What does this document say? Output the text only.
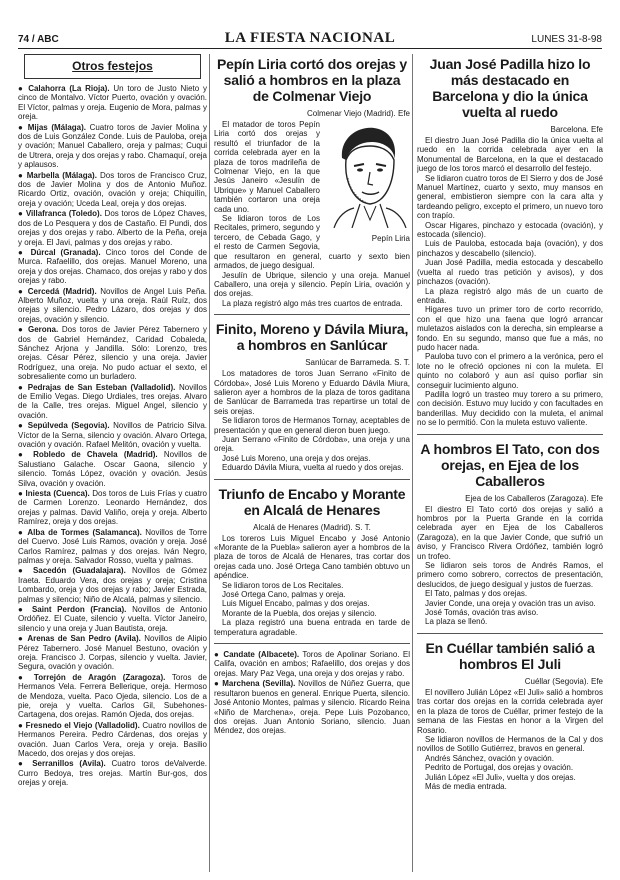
74 / ABC	LA FIESTA NACIONAL	LUNES 31-8-98
Otros festejos

● Calahorra (La Rioja). Un toro de Justo Nieto y cinco de Montalvo. Víctor Puerto, ovación y ovación. El Víctor, palmas y oreja. Eugenio de Mora, palmas y oreja.

● Mijas (Málaga). Cuatro toros de Javier Molina y dos de Luis González Conde. Luis de Pauloba, oreja y ovación; Manuel Caballero, oreja y palmas; Cuqui de Utrera, oreja y dos orejas y rabo. Chamaquí, oreja y aplausos.

● Marbella (Málaga). Dos toros de Francisco Cruz, dos de Javier Molina y dos de Antonio Muñoz. Ricardo Ortiz, ovación, ovación y oreja; Chiquilín, oreja y ovación; Uceda Leal, oreja y dos orejas.

● Villafranca (Toledo). Dos toros de López Chaves, dos de Lo Pesquera y dos de Castaño. El Pundi, dos orejas y dos orejas y rabo. Alberto de la Peña, oreja y oreja. El Javi, palmas y dos orejas y rabo.

● Dúrcal (Granada). Cinco toros del Conde de Murca. Rafaelillo, dos orejas. Manuel Moreno, una oreja y dos orejas. Chamaco, dos orejas y rabo y dos orejas y rabo.

● Cercedá (Madrid). Novillos de Angel Luis Peña. Alberto Muñoz, vuelta y una oreja. Raúl Ruíz, dos orejas y silencio. Pedro Lázaro, dos orejas y dos orejas, ovación y silencio.

● Gerona. Dos toros de Javier Pérez Tabernero y dos de Gabriel Hernández, Caridad Cobaleda, Sánchez Arjona y Jandilla. Sólo: Lorenzo, tres orejas. César Pérez, silencio y una oreja. Javier Rodríguez, una oreja. No pudo actuar el sexto, el sobresaliente como un burladero.

● Pedrajas de San Esteban (Valladolid). Novillos de Emilio Vegas. Diego Urdiales, tres orejas. Alvaro de la Calle, tres orejas. Miguel Angel, silencio y ovación.

● Sepúlveda (Segovia). Novillos de Patricio Silva. Víctor de la Serna, silencio y ovación. Alvaro Ortega, ovación y ovación. Rafael Melitón, ovación y vuelta.

● Robledo de Chavela (Madrid). Novillos de Salustiano Galache. Oscar Gaona, silencio y silencio. Tomás López, ovación y ovación. Jesús Silva, ovación y ovación.

● Iniesta (Cuenca). Dos toros de Luis Frías y cuatro de Carmen Lorenzo. Leonardo Hernández, dos orejas y palmas. David Valiño, oreja y oreja. Alberto Ramírez, oreja y dos orejas.

● Alba de Tormes (Salamanca). Novillos de Torre del Cuervo. José Luis Ramos, ovación y oreja. José Carlos Ramírez, palmas y dos orejas. Iván Negro, palmas y oreja. Salvador Rosso, vuelta y palmas.

● Sacedón (Guadalajara). Novillos de Gómez Iraeta. Eduardo Vera, dos orejas y oreja; Cristina Lombardo, oreja y dos orejas y rabo; Javier Estrada, palmas y silencio; Niño de Alcalá, palmas y silencio.

● Saint Perdon (Francia). Novillos de Antonio Ordóñez. El Cuate, silencio y vuelta. Víctor Janeiro, silencio y una oreja y Juan Bautista, oreja.

● Arenas de San Pedro (Avila). Novillos de Alipio Pérez Tabernero. José Manuel Bestuno, ovación y oreja. Francisco J. Corpas, silencio y vuelta. Javier, Segura, ovación y ovación.

● Torrejón de Aragón (Zaragoza). Toros de Hermanos Vela. Ferrera Bellerique, oreja. Hermoso de Mendoza, vuelta. Paco Ojeda, silencio. Los de a pie, oreja y vuelta. Carlos Gil, Subehones-Cartagena, dos orejas. Ramón Ojeda, dos orejas.

● Fresnedo el Viejo (Valladolid). Cuatro novillos de Hermanos Pereira. Pedro Cárdenas, dos orejas y ovación. Juan Carlos Vera, oreja y oreja. Basilio Macedo, dos orejas y dos orejas.

● Serranillos (Avila). Cuatro toros deValverde. Curro Bedoya, tres orejas. Martín Bur-gos, dos orejas y oreja.

Pepín Liria cortó dos orejas y salió a hombros en la plaza de Colmenar Viejo
Colmenar Viejo (Madrid). Efe
Pepín Liria

El matador de toros Pepín Liria cortó dos orejas y resultó el triunfador de la corrida celebrada ayer en la plaza de toros madrileña de Colmenar Viejo, en la que Jesús Janeiro «Jesulín de Ubrique» y Manuel Caballero también cortaron una oreja cada uno.

Se lidiaron toros de Los Recitales, primero, segundo y tercero, de Cebada Gago, y el resto de Carmen Segovia, que resultaron en general, cuarto y sexto bien armados, de juego desigual.

Jesulín de Ubrique, silencio y una oreja. Manuel Caballero, una oreja y silencio. Pepín Liria, ovación y dos orejas.

La plaza registró algo más tres cuartos de entrada.

Finito, Moreno y Dávila Miura, a hombros en Sanlúcar
Sanlúcar de Barrameda. S. T.

Los matadores de toros Juan Serrano «Finito de Córdoba», José Luis Moreno y Eduardo Dávila Miura, salieron ayer a hombros de la plaza de toros gaditana de Sanlúcar de Barrameda tras repartirse un total de seis orejas.

Se lidiaron toros de Hermanos Tornay, aceptables de presentación y que en general dieron buen juego.

Juan Serrano «Finito de Córdoba», una oreja y una oreja.

José Luis Moreno, una oreja y dos orejas.

Eduardo Dávila Miura, vuelta al ruedo y dos orejas.

Triunfo de Encabo y Morante en Alcalá de Henares
Alcalá de Henares (Madrid). S. T.

Los toreros Luis Miguel Encabo y José Antonio «Morante de la Puebla» salieron ayer a hombros de la plaza de toros de Alcalá de Henares, tras cortar dos orejas cada uno. José Ortega Cano también obtuvo un apéndice.

Se lidiaron toros de Los Recitales.

José Ortega Cano, palmas y oreja.

Luis Miguel Encabo, palmas y dos orejas.

Morante de la Puebla, dos orejas y silencio.

La plaza registró una buena entrada en tarde de temperatura agradable.

● Candate (Albacete). Toros de Apolinar Soriano. El Califa, ovación en ambos; Rafaelillo, dos orejas y dos orejas. Mary Paz Vega, una oreja y dos orejas y rabo.

● Marchena (Sevilla). Novillos de Núñez Guerra, que resultaron buenos en general. Enrique Puerta, silencio. José Antonio Montes, palmas y silencio. Ricardo Reina «Niño de Marchena», oreja. Pepe Luis Pozobanco, dos orejas. Juan Antonio Soriano, silencio. Juan Méndez, dos orejas.

Juan José Padilla hizo lo más destacado en Barcelona y dio la única vuelta al ruedo
Barcelona. Efe

El diestro Juan José Padilla dio la única vuelta al ruedo en la corrida celebrada ayer en la Monumental de Barcelona, en la que el destacado juego de los toros marcó el desarrollo del festejo.

Se lidiaron cuatro toros de El Sierro y dos de José Manuel Martínez, cuarto y sexto, muy mansos en general, embistieron siempre con la cara alta y tardeando peligro, excepto el primero, un nuevo toro con trapío.

Oscar Higares, pinchazo y estocada (ovación), y estocada (silencio).

Luis de Pauloba, estocada baja (ovación), y dos pinchazos y descabello (silencio).

Juan José Padilla, media estocada y descabello (vuelta al ruedo tras petición y avisos), y dos pinchazos (ovación).

La plaza registró algo más de un cuarto de entrada.

Higares tuvo un primer toro de corto recorrido, con el que hizo una faena que logró arrancar muletazos aislados con la derecha, sin emplearse a fondo. En su segundo, manso que fue a más, no pudo hacer nada.

Pauloba tuvo con el primero a la verónica, pero el lote no le ofreció opciones ni con la muleta. El quinto no colaboró y aun así quiso porfiar sin conseguir lucimiento alguno.

Padilla logró un trasteo muy torero a su primero, con decisión. Estuvo muy lucido y con facultades en banderillas. Muy decidido con la muleta, el animal no se lo permitió. Con la muleta estuvo valiente.

A hombros El Tato, con dos orejas, en Ejea de los Caballeros
Ejea de los Caballeros (Zaragoza). Efe

El diestro El Tato cortó dos orejas y salió a hombros por la Puerta Grande en la corrida celebrada ayer en Ejea de los Caballeros (Zaragoza), en la que Javier Conde, que sufrió un aviso, y Francisco Rivera Ordóñez, también logró un trofeo.

Se lidiaron seis toros de Andrés Ramos, el primero como sobrero, correctos de presentación, deslucidos, de juego desigual y justos de fuerzas.

El Tato, palmas y dos orejas.

Javier Conde, una oreja y ovación tras un aviso.

José Tomás, ovación tras aviso.

La plaza se llenó.

En Cuéllar también salió a hombros El Juli
Cuéllar (Segovia). Efe

El novillero Julián López «El Juli» salió a hombros tras cortar dos orejas en la corrida celebrada ayer en la plaza de toros de Cuéllar, primer festejo de la semana de las Fiestas en honor a la Virgen del Rosario.

Se lidiaron novillos de Hermanos de la Cal y dos novillos de Sotillo Gutiérrez, bravos en general.

Andrés Sánchez, ovación y ovación.

Pedrito de Portugal, dos orejas y ovación.

Julián López «El Juli», vuelta y dos orejas.

Más de media entrada.
